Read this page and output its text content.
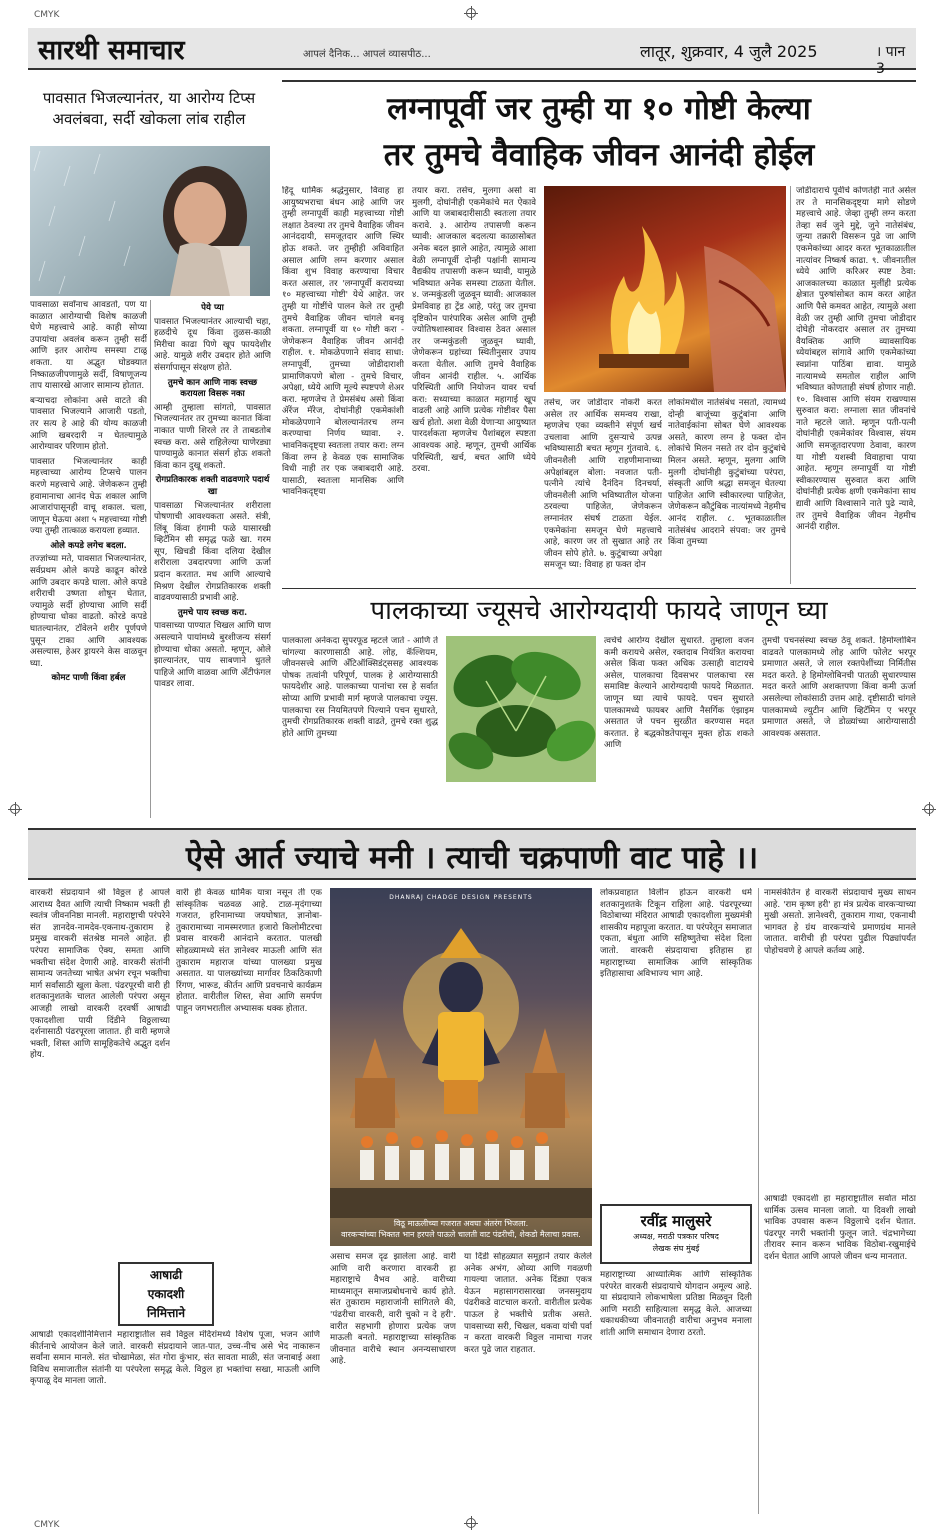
CMYK
CMYK
सारथी समाचार	आपलं दैनिक... आपलं व्यासपीठ...	लातूर, शुक्रवार, 4 जुलै 2025	। पान 3
पावसात भिजल्यानंतर, या आरोग्य टिप्स अवलंबवा, सर्दी खोकला लांब राहील

पावसाळा सर्वांनाच आवडतो, पण या काळात आरोग्याची विशेष काळजी घेणे महत्त्वाचे आहे. काही सोप्या उपायांचा अवलंब करून तुम्ही सर्दी आणि इतर आरोग्य समस्या टाळू शकता. या अद्भुत घोडक्यात निष्काळजीपणामुळे सर्दी, विषाणूजन्य ताप यासारखे आजार सामान्य होतात.

बऱ्याचदा लोकांना असे वाटते की पावसात भिजल्याने आजारी पडतो, तर सत्य हे आहे की योग्य काळजी आणि खबरदारी न घेतल्यामुळे आरोग्यावर परिणाम होतो.

पावसात भिजल्यानंतर काही महत्त्वाच्या आरोग्य टिप्सचे पालन करणे महत्त्वाचे आहे. जेणेकरून तुम्ही हवामानाचा आनंद घेऊ शकाल आणि आजारांपासूनही वाचू शकाल. चला, जाणून घेऊया अशा ५ महत्त्वाच्या गोष्टी ज्या तुम्ही तात्काळ करायला हव्यात.

ओले कपडे लगेच बदला.

तज्ज्ञांच्या मते, पावसात भिजल्यानंतर, सर्वप्रथम ओले कपडे काढून कोरडे आणि उबदार कपडे घाला. ओले कपडे शरीराची उष्णता शोषून घेतात, ज्यामुळे सर्दी होण्याचा आणि सर्दी होण्याचा धोका वाढतो. कोरडे कपडे घातल्यानंतर, टॉवेलने शरीर पूर्णपणे पुसून टाका आणि आवश्यक असल्यास, हेअर ड्रायरने केस वाळवून घ्या.

कोमट पाणी किंवा हर्बल
पेये प्या

पावसात भिजल्यानंतर आल्याची चहा, हळदीचे दूध किंवा तुळस-काळी मिरीचा काढा पिणे खूप फायदेशीर आहे. यामुळे शरीर उबदार होते आणि संसर्गापासून संरक्षण होते.

तुमचे कान आणि नाक स्वच्छ करायला विसरू नका

आम्ही तुम्हाला सांगतो, पावसात भिजल्यानंतर तर तुमच्या कानात किंवा नाकात पाणी शिरले तर ते ताबडतोब स्वच्छ करा. असे राहिलेल्या घाणेरड्या पाण्यामुळे कानात संसर्ग होऊ शकतो किंवा कान दुखू शकतो.

रोगप्रतिकारक शक्ती वाढवणारे पदार्थ खा

पावसाळा भिजल्यानंतर शरीराला पोषणाची आवश्यकता असते. संत्री, लिंबू किंवा हंगामी फळे यासारखी व्हिटॅमिन सी समृद्ध फळे खा. गरम सूप, खिचडी किंवा दलिया देखील शरीराला उबदारपणा आणि ऊर्जा प्रदान करतात. मध आणि आल्याचे मिश्रण देखील रोगप्रतिकारक शक्ती वाढवण्यासाठी प्रभावी आहे.

तुमचे पाय स्वच्छ करा.

पावसाच्या पाण्यात चिखल आणि घाण असल्याने पायांमध्ये बुरशीजन्य संसर्ग होण्याचा धोका असतो. म्हणून, ओले झाल्यानंतर, पाय साबणाने धुतले पाहिजे आणि वाळवा आणि अँटीफंगल पावडर लावा.

लग्नापूर्वी जर तुम्ही या १० गोष्टी केल्या
तर तुमचे वैवाहिक जीवन आनंदी होईल
हिंदू धार्मिक श्रद्धेनुसार, विवाह हा आयुष्यभराचा बंधन आहे आणि जर तुम्ही लग्नापूर्वी काही महत्त्वाच्या गोष्टी लक्षात ठेवल्या तर तुमचे वैवाहिक जीवन आनंददायी, समजूतदार आणि स्थिर होऊ शकते. जर तुम्हीही अविवाहित असाल आणि लग्न करणार असाल किंवा शुभ विवाह करण्याचा विचार करत असाल, तर 'लग्नापूर्वी करायच्या १० महत्त्वाच्या गोष्टी' येथे आहेत. जर तुम्ही या गोष्टींचे पालन केले तर तुम्ही तुमचे वैवाहिक जीवन चांगले बनवू शकता. लग्नापूर्वी या १० गोष्टी करा - जेणेकरून वैवाहिक जीवन आनंदी राहील. १. मोकळेपणाने संवाद साधा: लग्नापूर्वी, तुमच्या जोडीदाराशी प्रामाणिकपणे बोला - तुमचे विचार, अपेक्षा, ध्येये आणि मूल्ये स्पष्टपणे शेअर करा. म्हणजेच ते प्रेमसंबंध असो किंवा ॲरेंज मॅरेज, दोघांनीही एकमेकांशी मोकळेपणाने बोलल्यानंतरच लग्न करण्याचा निर्णय घ्यावा. २. भावनिकदृष्ट्या स्वतःला तयार करा: लग्न किंवा लग्न हे केवळ एक सामाजिक विधी नाही तर एक जबाबदारी आहे. यासाठी, स्वतःला मानसिक आणि भावनिकदृष्ट्या
तयार करा. तसेच, मुलगा असो वा मुलगी, दोघांनीही एकमेकांचे मत ऐकावे आणि या जबाबदारीसाठी स्वतःला तयार करावे. ३. आरोग्य तपासणी करून घ्यावी: आजकाल बदलत्या काळासोबत अनेक बदल झाले आहेत, त्यामुळे आशा वेळी लग्नापूर्वी दोन्ही पक्षांनी सामान्य वैद्यकीय तपासणी करून घ्यावी, यामुळे भविष्यात अनेक समस्या टाळता येतील. ४. जन्मकुंडली जुळवून घ्यावी: आजकाल प्रेमविवाह हा ट्रेंड आहे, परंतु जर तुमचा दृष्टिकोन पारंपारिक असेल आणि तुम्ही ज्योतिषशास्त्रावर विश्वास ठेवत असाल तर जन्मकुंडली जुळवून घ्यावी, जेणेकरून ग्रहांच्या स्थितीनुसार उपाय करता येतील. आणि तुमचे वैवाहिक जीवन आनंदी राहील. ५. आर्थिक परिस्थिती आणि नियोजन यावर चर्चा करा: सध्याच्या काळात महागाई खूप वाढली आहे आणि प्रत्येक गोष्टीवर पैसा खर्च होतो. अशा वेळी येणाऱ्या आयुष्यात पारदर्शकता म्हणजेच पैशांबद्दल स्पष्टता आवश्यक आहे. म्हणून, तुमची आर्थिक परिस्थिती, खर्च, बचत आणि ध्येये ठरवा.
तसेच, जर जोडीदार नोकरी करत असेल तर आर्थिक समन्वय राखा, म्हणजेच एका व्यक्तीने संपूर्ण खर्च उचलावा आणि दुसऱ्याचे उत्पन्न भविष्यासाठी बचत म्हणून गुंतवावे. ६. जीवनशैली आणि राहणीमानाच्या अपेक्षांबद्दल बोला: नवजात पती-पत्नीने त्यांचे दैनंदिन दिनचर्या, जीवनशैली आणि भविष्यातील योजना ठरवल्या पाहिजेत, जेणेकरून लग्नानंतर संघर्ष टाळता येईल. एकमेकांना समजून घेणे महत्त्वाचे आहे, कारण जर तो सुखात आहे तर जीवन सोपे होते. ७. कुटुंबाच्या अपेक्षा समजून घ्या: विवाह हा फक्त दोन
लोकांमधील नातेसंबंध नसतो, त्यामध्ये दोन्ही बाजूंच्या कुटुंबांना आणि नातेवाईकांना सोबत घेणे आवश्यक असते, कारण लग्न हे फक्त दोन लोकांचे मिलन नसते तर दोन कुटुंबांचे मिलन असते. म्हणून, मुलगा आणि मुलगी दोघांनीही कुटुंबांच्या परंपरा, संस्कृती आणि श्रद्धा समजून घेतल्या पाहिजेत आणि स्वीकारल्या पाहिजेत, जेणेकरून कौटुंबिक नात्यांमध्ये नेहमीच आनंद राहील. ८. भूतकाळातील नातेसंबंध आदराने संपवा: जर तुमचे किंवा तुमच्या
जोडीदाराचे पूर्वीचे कोणतेही नाते असेल तर ते मानसिकदृष्ट्या मागे सोडणे महत्त्वाचे आहे. जेव्हा तुम्ही लग्न करता तेव्हा सर्व जुने मुद्दे, जुने नातेसंबंध, जुन्या तक्रारी विसरून पुढे जा आणि एकमेकांच्या आदर करत भूतकाळातील नात्यांवर निष्कर्ष काढा. ९. जीवनातील ध्येये आणि करिअर स्पष्ट ठेवा: आजकालच्या काळात मुलींही प्रत्येक क्षेत्रात पुरुषांसोबत काम करत आहेत आणि पैसे कमवत आहेत, त्यामुळे अशा वेळी जर तुम्ही आणि तुमचा जोडीदार दोघेही नोकरदार असाल तर तुमच्या वैयक्तिक आणि व्यावसायिक ध्येयांबद्दल सांगावे आणि एकमेकांच्या स्वप्नांना पाठिंबा द्यावा. यामुळे नात्यामध्ये समतोल राहील आणि भविष्यात कोणताही संघर्ष होणार नाही. १०. विश्वास आणि संयम राखण्यास सुरुवात करा: लग्नाला सात जीवनांचे नाते म्हटले जाते. म्हणून पती-पत्नी दोघांनीही एकमेकांवर विश्वास, संयम आणि समजूतदारपणा ठेवावा, कारण या गोष्टी यशस्वी विवाहाचा पाया आहेत. म्हणून लग्नापूर्वी या गोष्टी स्वीकारण्यास सुरुवात करा आणि दोघांनीही प्रत्येक क्षणी एकमेकांना साथ द्यावी आणि विश्वासाने नाते पुढे न्यावे, तर तुमचे वैवाहिक जीवन नेहमीच आनंदी राहील.
पालकाच्या ज्यूसचे आरोग्यदायी फायदे जाणून घ्या
पालकाला अनेकदा सुपरफूड म्हटले जाते - आणि ते चांगल्या कारणासाठी आहे. लोह, कॅल्शियम, जीवनसत्त्वे आणि अँटिऑक्सिडंट्ससह आवश्यक पोषक तत्वांनी परिपूर्ण, पालक हे आरोग्यासाठी फायदेशीर आहे. पालकाच्या पानांचा रस हे सर्वात सोप्या आणि प्रभावी मार्ग म्हणजे पालकाचा ज्यूस. पालकाचा रस नियमितपणे पिल्याने पचन सुधारते, तुमची रोगप्रतिकारक शक्ती वाढते, तुमचे रक्त शुद्ध होते आणि तुमच्या
त्वचेचे आरोग्य देखील सुधारते. तुम्हाला वजन कमी करायचे असेल, रक्तदाब नियंत्रित करायचा असेल किंवा फक्त अधिक उत्साही वाटायचे असेल, पालकाचा दिवसभर पालकाचा रस समाविष्ट केल्याने आरोग्यदायी फायदे मिळतात. जाणून घ्या त्याचे फायदे. पचन सुधारते पालकामध्ये फायबर आणि नैसर्गिक एंझाइम असतात जे पचन सुरळीत करण्यास मदत करतात. हे बद्धकोष्ठतेपासून मुक्त होऊ शकते आणि
तुमची पचनसंस्था स्वच्छ ठेवू शकते. हिमोग्लोबिन वाढवते पालकामध्ये लोह आणि फोलेट भरपूर प्रमाणात असते, जे लाल रक्तपेशींच्या निर्मितीस मदत करते. हे हिमोग्लोबिनची पातळी सुधारण्यास मदत करते आणि अशक्तपणा किंवा कमी ऊर्जा असलेल्या लोकांसाठी उत्तम आहे. दृष्टीसाठी चांगले पालकामध्ये ल्युटीन आणि व्हिटॅमिन ए भरपूर प्रमाणात असते, जे डोळ्यांच्या आरोग्यासाठी आवश्यक असतात.
ऐसे आर्त ज्याचे मनी । त्याची चक्रपाणी वाट पाहे ।।
वारकरी संप्रदायाने श्री विठ्ठल हे आपले आराध्य दैवत आणि त्याची निष्काम भक्ती ही स्वतंत्र जीवननिष्ठा मानली. महाराष्ट्राची परंपरेने संत ज्ञानदेव-नामदेव-एकनाथ-तुकाराम हे प्रमुख वारकरी संतश्रेष्ठ मानले आहेत. ही परंपरा सामाजिक ऐक्य, समता आणि भक्तीचा संदेश देणारी आहे. वारकरी संतांनी सामान्य जनतेच्या भाषेत अभंग रचून भक्तीचा मार्ग सर्वांसाठी खुला केला. पंढरपूरची वारी ही शतकानुशतके चालत आलेली परंपरा असून आजही लाखो वारकरी दरवर्षी आषाढी एकादशीला पायी दिंडीने विठ्ठलाच्या दर्शनासाठी पंढरपूरला जातात. ही वारी म्हणजे भक्ती, शिस्त आणि सामूहिकतेचे अद्भुत दर्शन होय.
वारी ही केवळ धार्मिक यात्रा नसून ती एक सांस्कृतिक चळवळ आहे. टाळ-मृदंगाच्या गजरात, हरिनामाच्या जयघोषात, ज्ञानोबा-तुकारामाच्या नामस्मरणात हजारो किलोमीटरचा प्रवास वारकरी आनंदाने करतात. पालखी सोहळ्यामध्ये संत ज्ञानेश्वर माऊली आणि संत तुकाराम महाराज यांच्या पालख्या प्रमुख असतात. या पालख्यांच्या मार्गावर ठिकठिकाणी रिंगण, भारूड, कीर्तन आणि प्रवचनाचे कार्यक्रम होतात. वारीतील शिस्त, सेवा आणि समर्पण पाहून जगभरातील अभ्यासक थक्क होतात.
आषाढी
एकादशी
निमित्ताने
आषाढी एकादशीनिमित्ताने महाराष्ट्रातील सर्व विठ्ठल मंदिरांमध्ये विशेष पूजा, भजन आणि कीर्तनाचे आयोजन केले जाते. वारकरी संप्रदायाने जात-पात, उच्च-नीच असे भेद नाकारून सर्वांना समान मानले. संत चोखामेळा, संत गोरा कुंभार, संत सावता माळी, संत जनाबाई अशा विविध समाजातील संतांनी या परंपरेला समृद्ध केले. विठ्ठल हा भक्तांचा सखा, माऊली आणि कृपाळू देव मानला जातो.
DHANRAJ CHADGE DESIGN PRESENTS
विठू माऊलीच्या गजरात अवघा अंतरंग भिजला.
वारकऱ्यांच्या भिक्तत भान हरपले पाऊले चालती वाट पंढरीची, शेकडो मैलाचा प्रवास.
असाच समज दृढ झालेला आहे. वारी आणि वारी करणारा वारकरी हा महाराष्ट्राचे वैभव आहे. वारीच्या माध्यमातून समाजप्रबोधनाचे कार्य होते. संत तुकाराम महाराजांनी सांगितले की, 'पंढरीचा वारकरी, वारी चुको न दे हरी'. वारीत सहभागी होणारा प्रत्येक जण माऊली बनतो. महाराष्ट्राच्या सांस्कृतिक जीवनात वारीचे स्थान अनन्यसाधारण आहे.
या दिंडी सोहळ्यात समूहाने तयार केलेले अनेक अभंग, ओव्या आणि गवळणी गायल्या जातात. अनेक दिंड्या एकत्र येऊन महासागरासारखा जनसमुदाय पंढरीकडे वाटचाल करतो. वारीतील प्रत्येक पाऊल हे भक्तीचे प्रतीक असते. पावसाच्या सरी, चिखल, थकवा यांची पर्वा न करता वारकरी विठ्ठल नामाचा गजर करत पुढे जात राहतात.
लोकप्रवाहात विलीन होऊन वारकरी धर्म शतकानुशतके टिकून राहिला आहे. पंढरपूरच्या विठोबाच्या मंदिरात आषाढी एकादशीला मुख्यमंत्री शासकीय महापूजा करतात. या परंपरेतून समाजात एकता, बंधुता आणि सहिष्णुतेचा संदेश दिला जातो. वारकरी संप्रदायाचा इतिहास हा महाराष्ट्राच्या सामाजिक आणि सांस्कृतिक इतिहासाचा अविभाज्य भाग आहे.
रवींद्र मालुसरे
अध्यक्ष, मराठी पत्रकार परिषद
लेखक संघ मुंबई
महाराष्ट्राच्या आध्यात्मिक आणि सांस्कृतिक परंपरेत वारकरी संप्रदायाचे योगदान अमूल्य आहे. या संप्रदायाने लोकभाषेला प्रतिष्ठा मिळवून दिली आणि मराठी साहित्याला समृद्ध केले. आजच्या धकाधकीच्या जीवनातही वारीचा अनुभव मनाला शांती आणि समाधान देणारा ठरतो.
नामसंकीर्तन हे वारकरी संप्रदायाचे मुख्य साधन आहे. 'राम कृष्ण हरी' हा मंत्र प्रत्येक वारकऱ्याच्या मुखी असतो. ज्ञानेश्वरी, तुकाराम गाथा, एकनाथी भागवत हे ग्रंथ वारकऱ्यांचे प्रमाणग्रंथ मानले जातात. वारीची ही परंपरा पुढील पिढ्यांपर्यंत पोहोचवणे हे आपले कर्तव्य आहे.
आषाढी एकादशी हा महाराष्ट्रातील सर्वात मोठा धार्मिक उत्सव मानला जातो. या दिवशी लाखो भाविक उपवास करून विठ्ठलाचे दर्शन घेतात. पंढरपूर नगरी भक्तांनी फुलून जाते. चंद्रभागेच्या तीरावर स्नान करून भाविक विठोबा-रखुमाईचे दर्शन घेतात आणि आपले जीवन धन्य मानतात.
